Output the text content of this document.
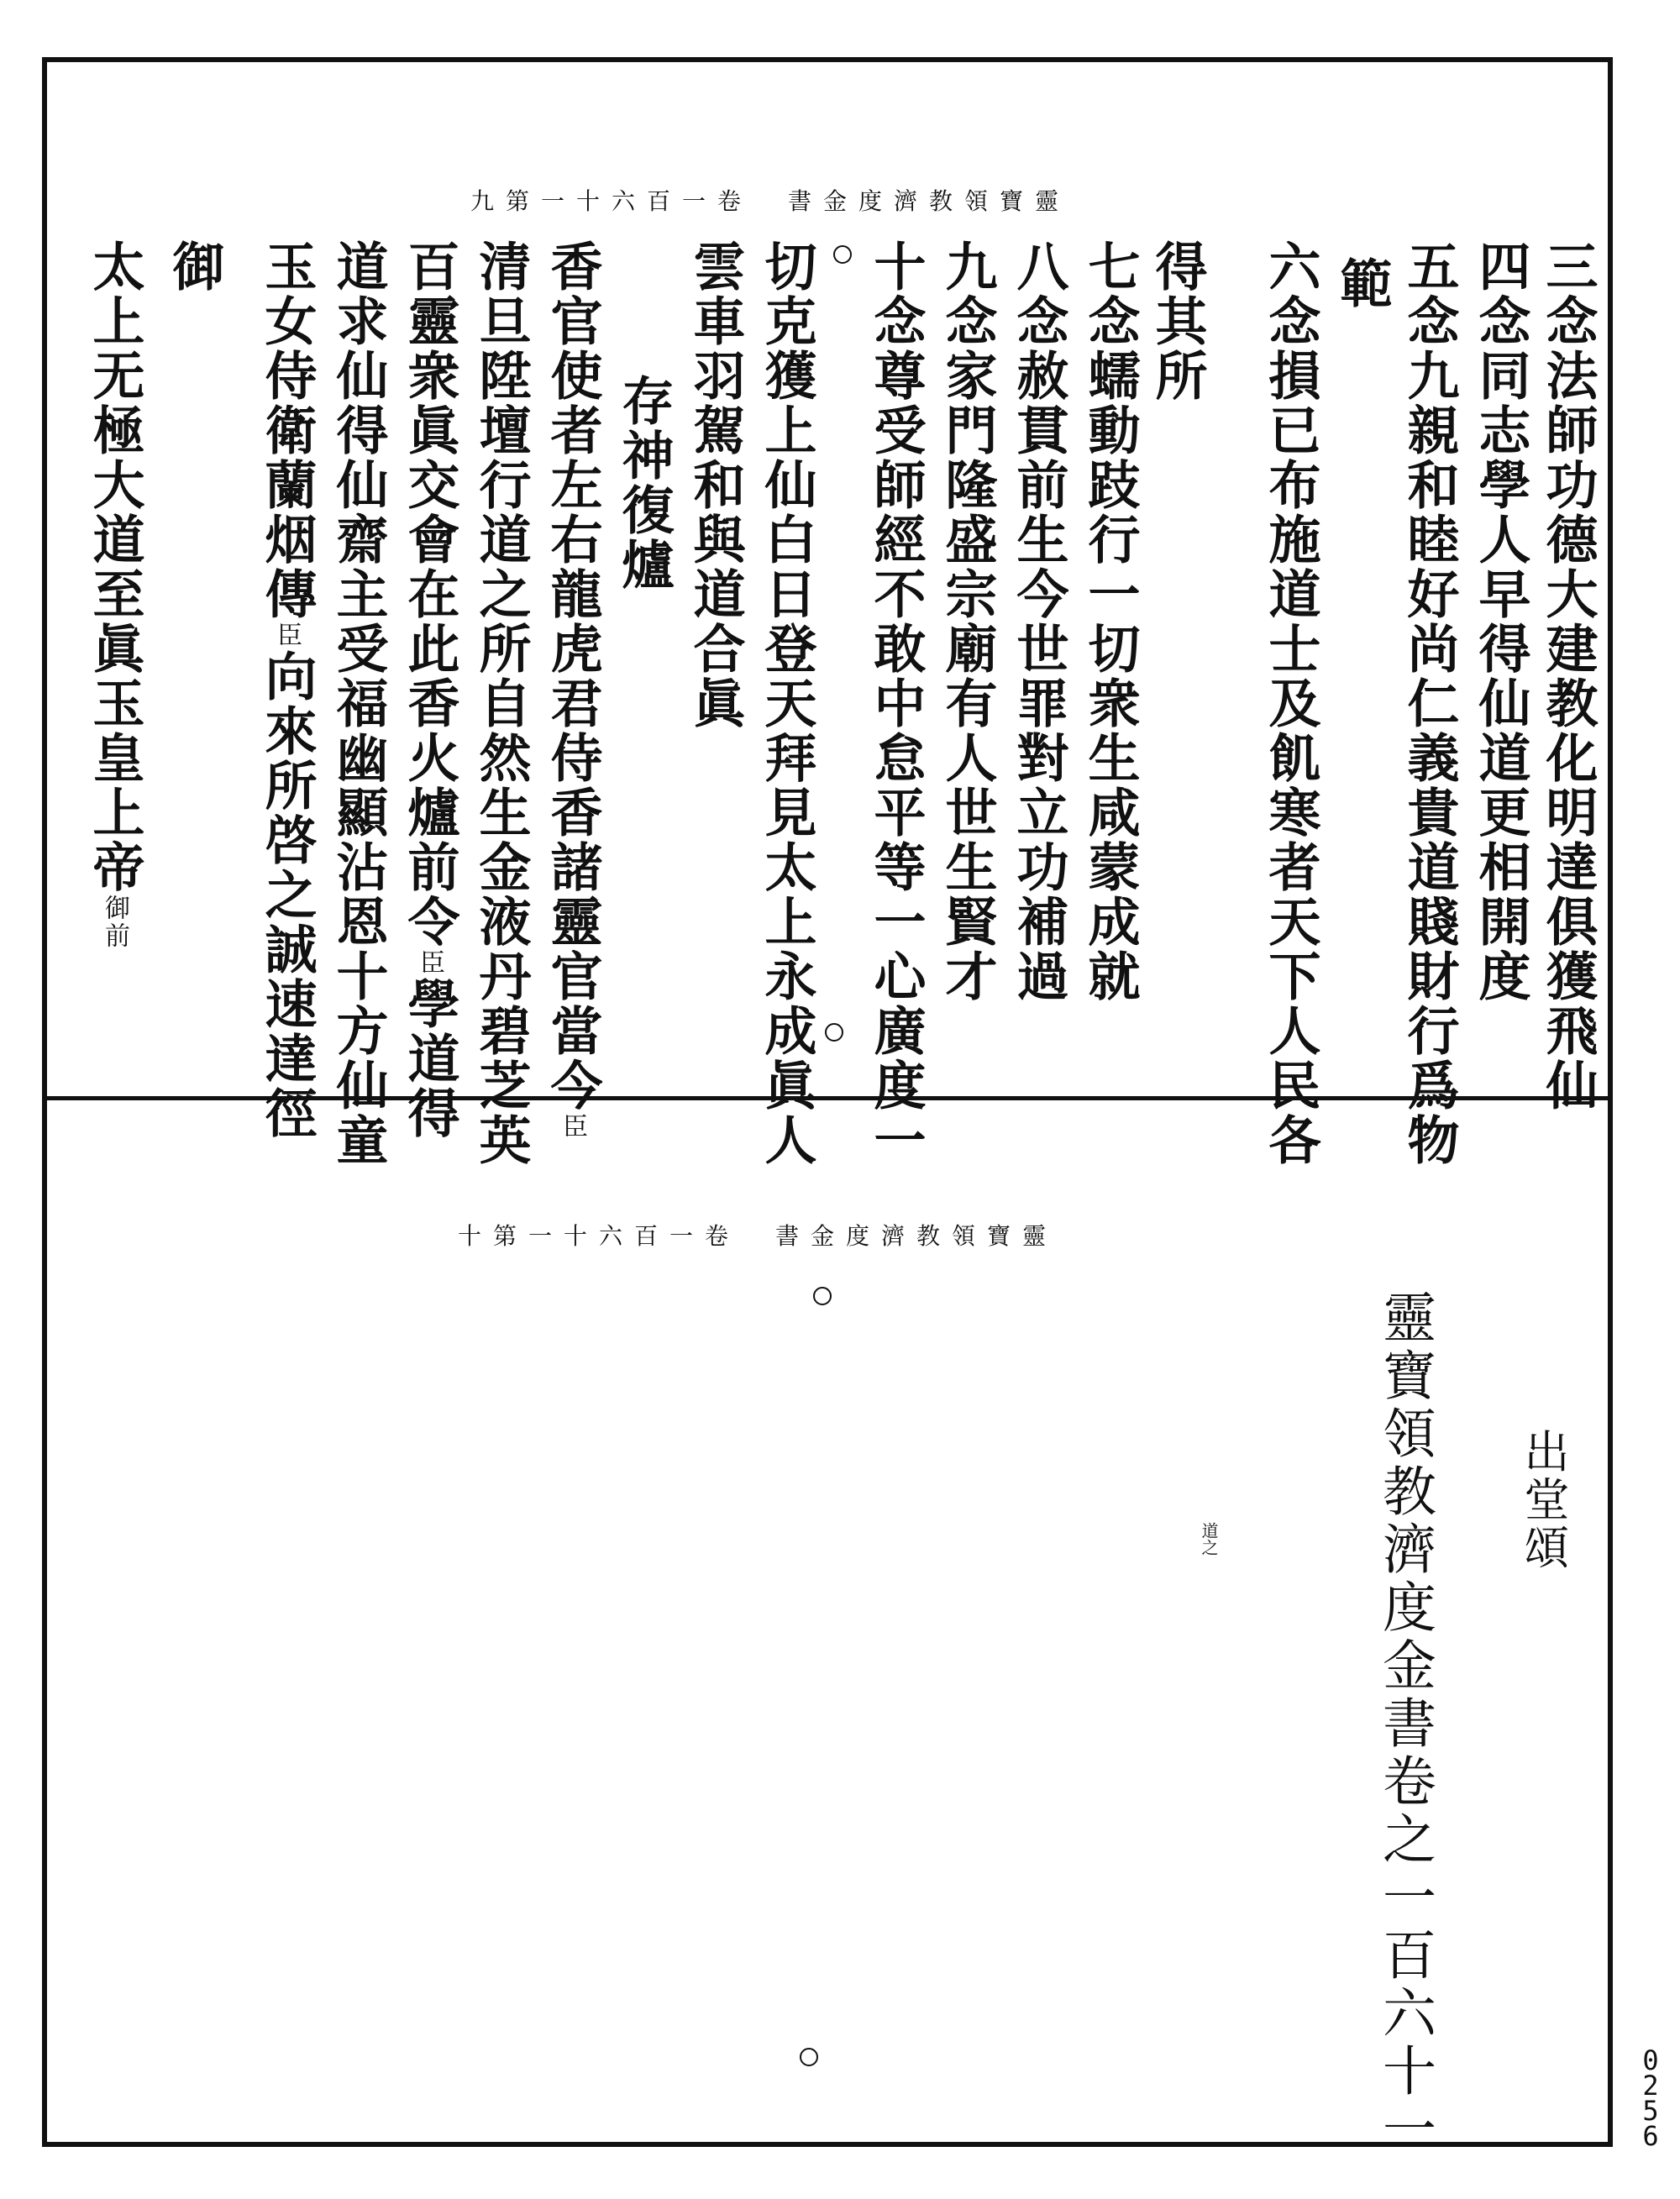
九第一十六百一卷　書金度濟教領寶靈
三念法師功德大建教化明達俱獲飛仙
四念同志學人早得仙道更相開度
五念九親和睦好尚仁義貴道賤財行爲物
範
六念損已布施道士及飢寒者天下人民各
得其所
七念蠕動跂行一切衆生咸蒙成就
八念赦貫前生今世罪對立功補過
九念家門隆盛宗廟有人世生賢才
十念尊受師經不敢中怠平等一心廣度一
切克獲上仙白日登天拜見太上永成眞人
雲車羽駕和與道合眞
存神復爐
香官使者左右龍虎君侍香諸靈官當今臣
清旦陞壇行道之所自然生金液丹碧芝英
百靈衆眞交會在此香火爐前令臣學道得
道求仙得仙齋主受福幽顯沾恩十方仙童
玉女侍衛蘭烟傳臣向來所啓之誠速達徑
御
太上无極大道至眞玉皇上帝御前
十第一十六百一卷　書金度濟教領寶靈
出堂頌
靈寶領教濟度金書卷之一百六十一
道之
0
2
5
6
